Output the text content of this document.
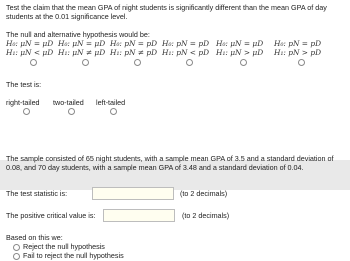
Test the claim that the mean GPA of night students is significantly different than the mean GPA of day
students at the 0.01 significance level.
The null and alternative hypothesis would be:
H₀: μN = μD
H₁: μN < μD
H₀: μN = μD
H₁: μN ≠ μD
H₀: pN = pD
H₁: pN ≠ pD
H₀: pN = pD
H₁: pN < pD
H₀: μN = μD
H₁: μN > μD
H₀: pN = pD
H₁: pN > pD
The test is:
right-tailed two-tailed left-tailed
The sample consisted of 65 night students, with a sample mean GPA of 3.5 and a standard deviation of
0.08, and 70 day students, with a sample mean GPA of 3.48 and a standard deviation of 0.04.
The test statistic is:	(to 2 decimals)
The positive critical value is:	(to 2 decimals)
Based on this we:
Reject the null hypothesis
Fail to reject the null hypothesis
